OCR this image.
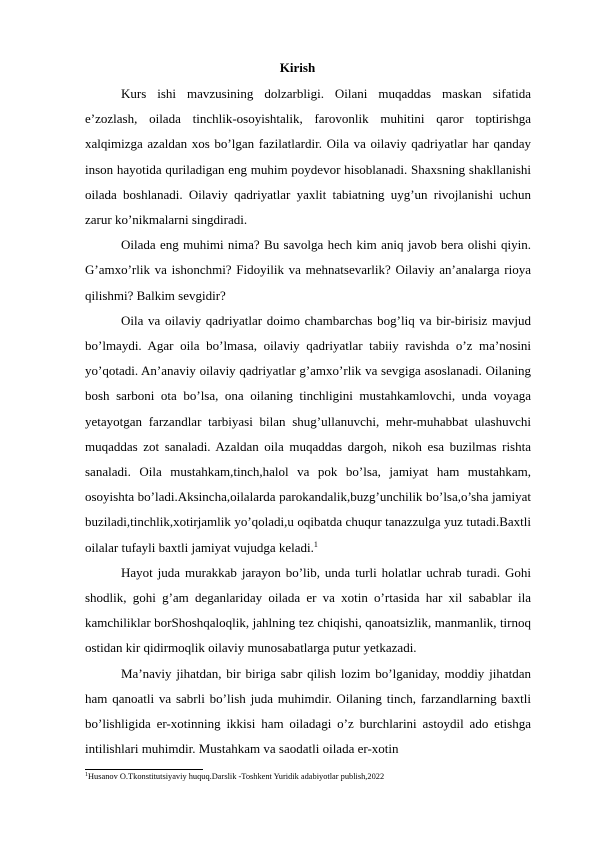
Kirish

Kurs ishi mavzusining dolzarbligi. Oilani muqaddas maskan sifatida e’zozlash, oilada tinchlik-osoyishtalik, farovonlik muhitini qaror toptirishga xalqimizga azaldan xos bo’lgan fazilatlardir. Oila va oilaviy qadriyatlar har qanday inson hayotida quriladigan eng muhim poydevor hisoblanadi. Shaxsning shakllanishi oilada boshlanadi. Oilaviy qadriyatlar yaxlit tabiatning uyg’un rivojlanishi uchun zarur ko’nikmalarni singdiradi.

Oilada eng muhimi nima? Bu savolga hech kim aniq javob bera olishi qiyin. G’amxo’rlik va ishonchmi? Fidoyilik va mehnatsevarlik? Oilaviy an’analarga rioya qilishmi? Balkim sevgidir?

Oila va oilaviy qadriyatlar doimo chambarchas bog’liq va bir-birisiz mavjud bo’lmaydi. Agar oila bo’lmasa, oilaviy qadriyatlar tabiiy ravishda o’z ma’nosini yo’qotadi. An’anaviy oilaviy qadriyatlar g’amxo’rlik va sevgiga asoslanadi. Oilaning bosh sarboni ota bo’lsa, ona oilaning tinchligini mustahkamlovchi, unda voyaga yetayotgan farzandlar tarbiyasi bilan shug’ullanuvchi, mehr-muhabbat ulashuvchi muqaddas zot sanaladi. Azaldan oila muqaddas dargoh, nikoh esa buzilmas rishta sanaladi. Oila mustahkam,tinch,halol va pok bo’lsa, jamiyat ham mustahkam, osoyishta bo’ladi.Aksincha,oilalarda parokandalik,buzg’unchilik bo’lsa,o’sha jamiyat buziladi,tinchlik,xotirjamlik yo’qoladi,u oqibatda chuqur tanazzulga yuz tutadi.Baxtli oilalar tufayli baxtli jamiyat vujudga keladi.$^1$

Hayot juda murakkab jarayon bo’lib, unda turli holatlar uchrab turadi. Gohi shodlik, gohi g’am deganlariday oilada er va xotin o’rtasida har xil sabablar ila kamchiliklar borShoshqaloqlik, jahlning tez chiqishi, qanoatsizlik, manmanlik, tirnoq ostidan kir qidirmoqlik oilaviy munosabatlarga putur yetkazadi.

Ma’naviy jihatdan, bir biriga sabr qilish lozim bo’lganiday, moddiy jihatdan ham qanoatli va sabrli bo’lish juda muhimdir. Oilaning tinch, farzandlarning baxtli bo’lishligida er-xotinning ikkisi ham oiladagi o’z burchlarini astoydil ado etishga intilishlari muhimdir. Mustahkam va saodatli oilada er-xotin

$^1$Husanov O.Tkonstitutsiyaviy huquq.Darslik -Toshkent Yuridik adabiyotlar publish,2022
